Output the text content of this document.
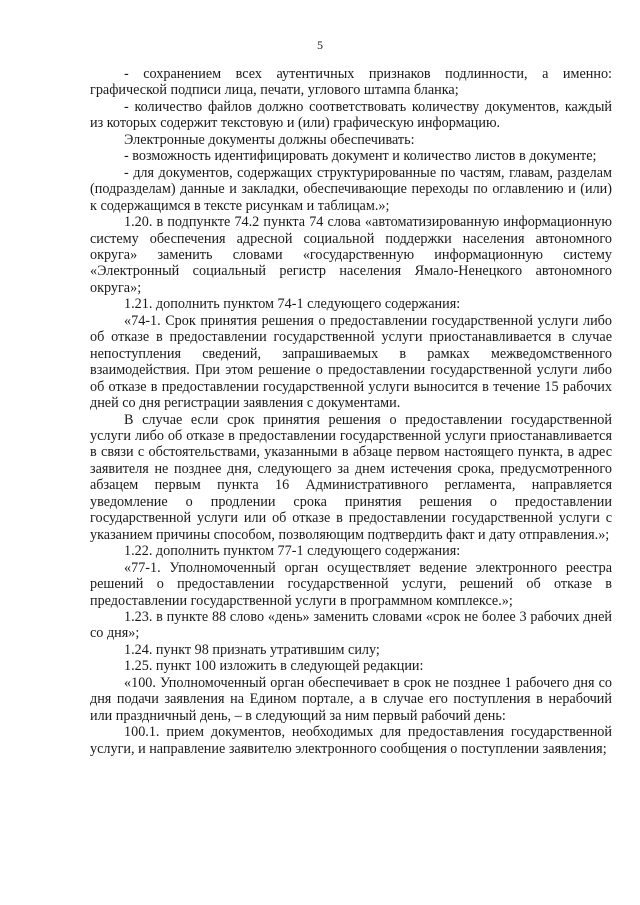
5

- сохранением всех аутентичных признаков подлинности, а именно: графической подписи лица, печати, углового штампа бланка;

- количество файлов должно соответствовать количеству документов, каждый из которых содержит текстовую и (или) графическую информацию.

Электронные документы должны обеспечивать:

- возможность идентифицировать документ и количество листов в документе;

- для документов, содержащих структурированные по частям, главам, разделам (подразделам) данные и закладки, обеспечивающие переходы по оглавлению и (или) к содержащимся в тексте рисункам и таблицам.»;

1.20. в подпункте 74.2 пункта 74 слова «автоматизированную информационную систему обеспечения адресной социальной поддержки населения автономного округа» заменить словами «государственную информационную систему «Электронный социальный регистр населения Ямало-Ненецкого автономного округа»;

1.21. дополнить пунктом 74-1 следующего содержания:

«74-1. Срок принятия решения о предоставлении государственной услуги либо об отказе в предоставлении государственной услуги приостанавливается в случае непоступления сведений, запрашиваемых в рамках межведомственного взаимодействия. При этом решение о предоставлении государственной услуги либо об отказе в предоставлении государственной услуги выносится в течение 15 рабочих дней со дня регистрации заявления с документами.

В случае если срок принятия решения о предоставлении государственной услуги либо об отказе в предоставлении государственной услуги приостанавливается в связи с обстоятельствами, указанными в абзаце первом настоящего пункта, в адрес заявителя не позднее дня, следующего за днем истечения срока, предусмотренного абзацем первым пункта 16 Административного регламента, направляется уведомление о продлении срока принятия решения о предоставлении государственной услуги или об отказе в предоставлении государственной услуги с указанием причины способом, позволяющим подтвердить факт и дату отправления.»;

1.22. дополнить пунктом 77-1 следующего содержания:

«77-1. Уполномоченный орган осуществляет ведение электронного реестра решений о предоставлении государственной услуги, решений об отказе в предоставлении государственной услуги в программном комплексе.»;

1.23. в пункте 88 слово «день» заменить словами «срок не более 3 рабочих дней со дня»;

1.24. пункт 98 признать утратившим силу;

1.25. пункт 100 изложить в следующей редакции:

«100. Уполномоченный орган обеспечивает в срок не позднее 1 рабочего дня со дня подачи заявления на Едином портале, а в случае его поступления в нерабочий или праздничный день, – в следующий за ним первый рабочий день:

100.1. прием документов, необходимых для предоставления государственной услуги, и направление заявителю электронного сообщения о поступлении заявления;
